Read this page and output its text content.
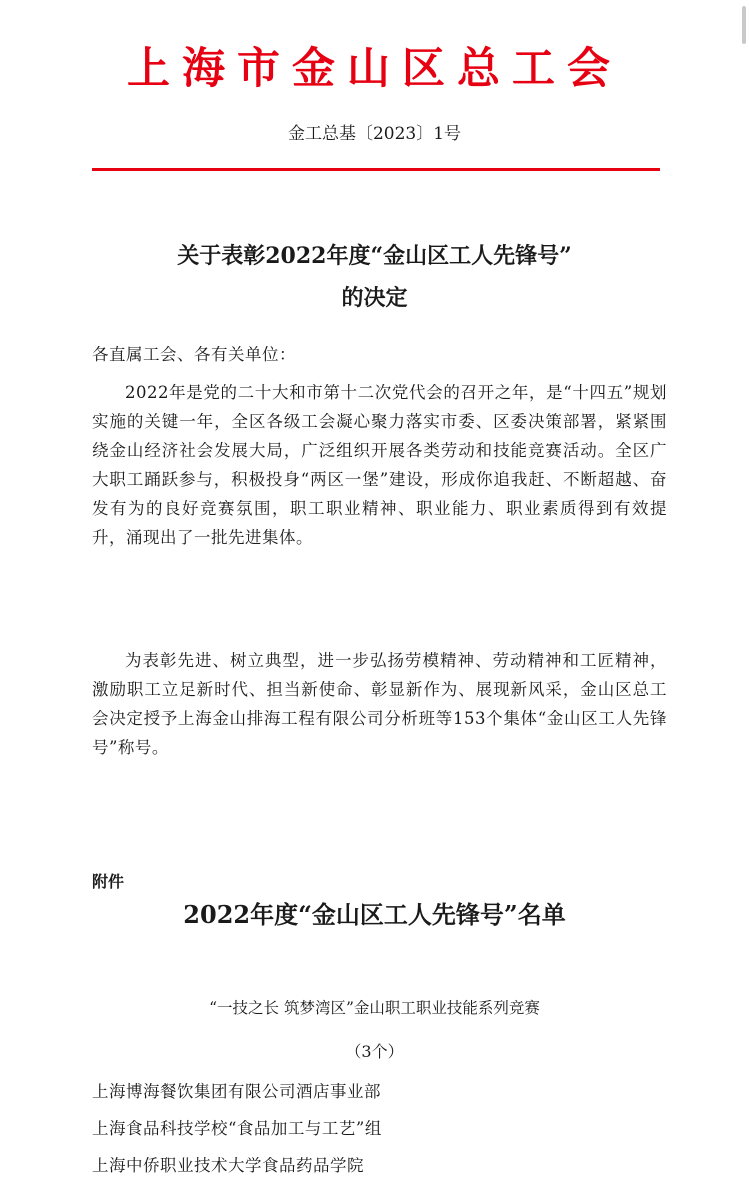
上海市金山区总工会
金工总基〔2023〕1号
关于表彰2022年度“金山区工人先锋号”
的决定

各直属工会、各有关单位：

2022年是党的二十大和市第十二次党代会的召开之年，是“十四五”规划实施的关键一年，全区各级工会凝心聚力落实市委、区委决策部署，紧紧围绕金山经济社会发展大局，广泛组织开展各类劳动和技能竞赛活动。全区广大职工踊跃参与，积极投身“两区一堡”建设，形成你追我赶、不断超越、奋发有为的良好竞赛氛围，职工职业精神、职业能力、职业素质得到有效提升，涌现出了一批先进集体。

为表彰先进、树立典型，进一步弘扬劳模精神、劳动精神和工匠精神，激励职工立足新时代、担当新使命、彰显新作为、展现新风采，金山区总工会决定授予上海金山排海工程有限公司分析班等153个集体“金山区工人先锋号”称号。

附件
2022年度“金山区工人先锋号”名单
“一技之长 筑梦湾区”金山职工职业技能系列竞赛
（3个）
上海博海餐饮集团有限公司酒店事业部
上海食品科技学校“食品加工与工艺”组
上海中侨职业技术大学食品药品学院
